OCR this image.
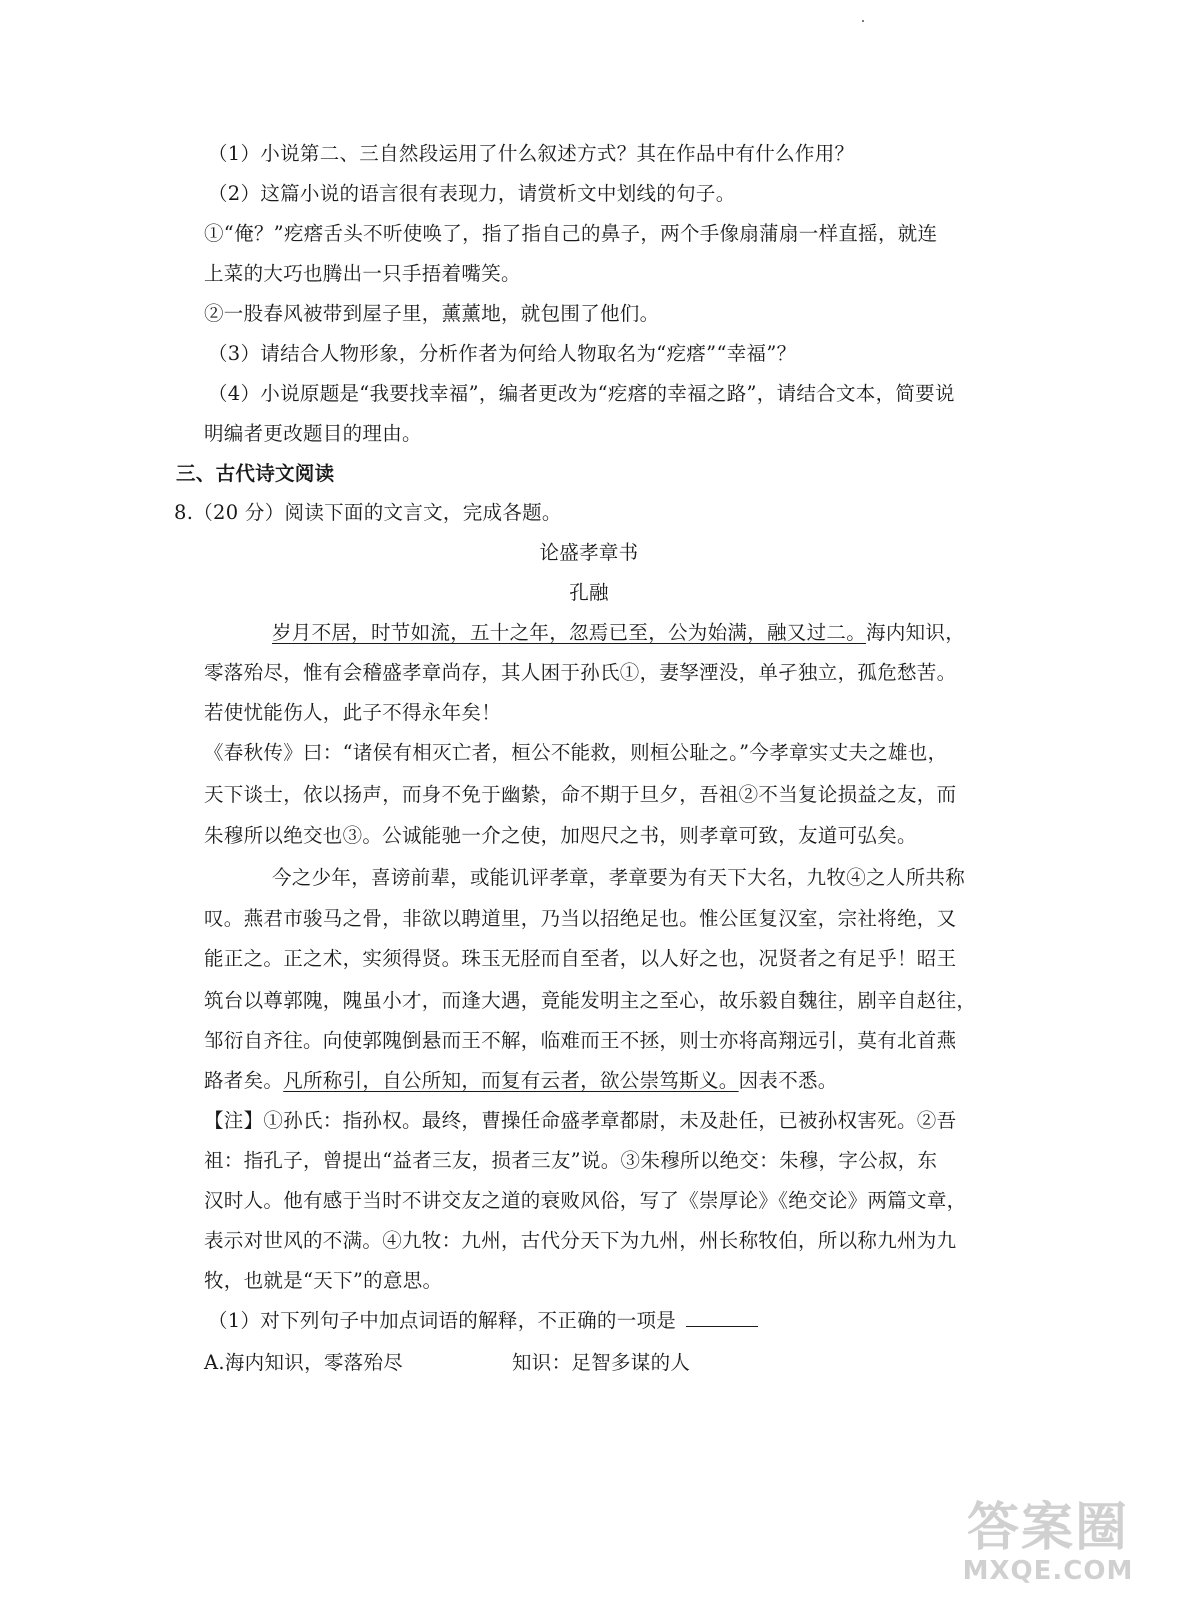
（1）小说第二、三自然段运用了什么叙述方式？其在作品中有什么作用？
（2）这篇小说的语言很有表现力，请赏析文中划线的句子。
①“俺？”疙瘩舌头不听使唤了，指了指自己的鼻子，两个手像扇蒲扇一样直摇，就连
上菜的大巧也腾出一只手捂着嘴笑。
②一股春风被带到屋子里，薰薰地，就包围了他们。
（3）请结合人物形象，分析作者为何给人物取名为“疙瘩”“幸福”？
（4）小说原题是“我要找幸福”，编者更改为“疙瘩的幸福之路”，请结合文本，简要说
明编者更改题目的理由。
三、古代诗文阅读
8.（20 分）阅读下面的文言文，完成各题。
论盛孝章书
孔融
岁月不居，时节如流，五十之年，忽焉已至，公为始满，融又过二。海内知识，
零落殆尽，惟有会稽盛孝章尚存，其人困于孙氏①，妻孥湮没，单孑独立，孤危愁苦。
若使忧能伤人，此子不得永年矣！
《春秋传》曰：“诸侯有相灭亡者，桓公不能救，则桓公耻之。”今孝章实丈夫之雄也，
天下谈士，依以扬声，而身不免于幽絷，命不期于旦夕，吾祖②不当复论损益之友，而
朱穆所以绝交也③。公诚能驰一介之使，加咫尺之书，则孝章可致，友道可弘矣。
今之少年，喜谤前辈，或能讥评孝章，孝章要为有天下大名，九牧④之人所共称
叹。燕君市骏马之骨，非欲以聘道里，乃当以招绝足也。惟公匡复汉室，宗社将绝，又
能正之。正之术，实须得贤。珠玉无胫而自至者，以人好之也，况贤者之有足乎！昭王
筑台以尊郭隗，隗虽小才，而逢大遇，竟能发明主之至心，故乐毅自魏往，剧辛自赵往，
邹衍自齐往。向使郭隗倒悬而王不解，临难而王不拯，则士亦将高翔远引，莫有北首燕
路者矣。凡所称引，自公所知，而复有云者，欲公崇笃斯义。因表不悉。
【注】①孙氏：指孙权。最终，曹操任命盛孝章都尉，未及赴任，已被孙权害死。②吾
祖：指孔子，曾提出“益者三友，损者三友”说。③朱穆所以绝交：朱穆，字公叔，东
汉时人。他有感于当时不讲交友之道的衰败风俗，写了《崇厚论》《绝交论》两篇文章，
表示对世风的不满。④九牧：九州，古代分天下为九州，州长称牧伯，所以称九州为九
牧，也就是“天下”的意思。
（1）对下列句子中加点词语的解释，不正确的一项是
A.海内知识，零落殆尽	知识：足智多谋的人
答案圈
MXQE.COM
